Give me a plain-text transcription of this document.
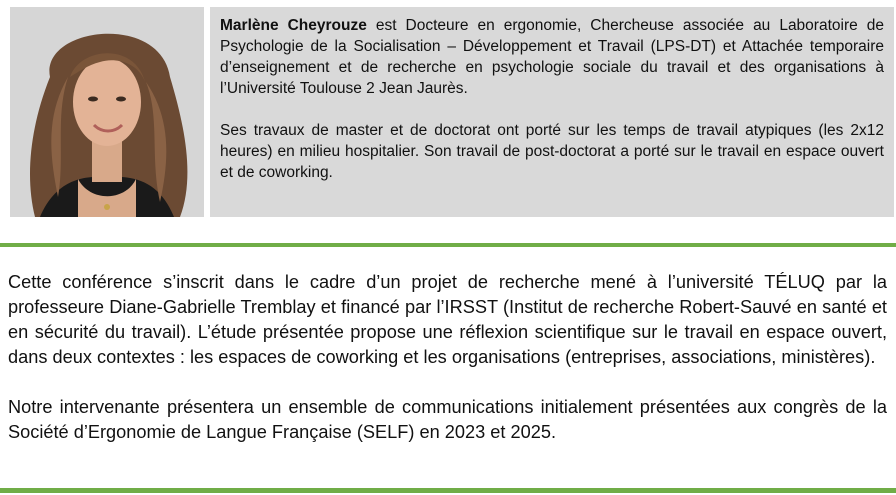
Marlène Cheyrouze est Docteure en ergonomie, Chercheuse associée au Laboratoire de Psychologie de la Socialisation – Développement et Travail (LPS-DT) et Attachée temporaire d’enseignement et de recherche en psychologie sociale du travail et des organisations à l’Université Toulouse 2 Jean Jaurès.

Ses travaux de master et de doctorat ont porté sur les temps de travail atypiques (les 2x12 heures) en milieu hospitalier. Son travail de post-doctorat a porté sur le travail en espace ouvert et de coworking.

Cette conférence s’inscrit dans le cadre d’un projet de recherche mené à l’université TÉLUQ par la professeure Diane-Gabrielle Tremblay et financé par l’IRSST (Institut de recherche Robert-Sauvé en santé et en sécurité du travail). L’étude présentée propose une réflexion scientifique sur le travail en espace ouvert, dans deux contextes : les espaces de coworking et les organisations (entreprises, associations, ministères).

Notre intervenante présentera un ensemble de communications initialement présentées aux congrès de la Société d’Ergonomie de Langue Française (SELF) en 2023 et 2025.
